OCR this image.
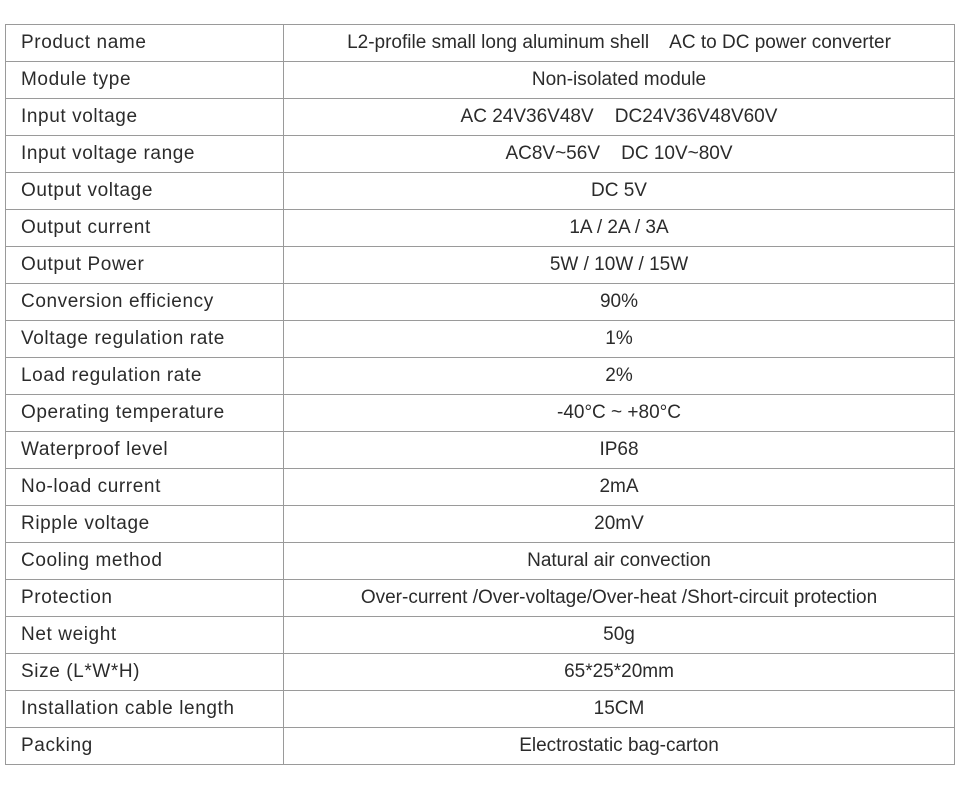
Product name	L2-profile small long aluminum shell    AC to DC power converter
Module type	Non-isolated module
Input voltage	AC 24V36V48V    DC24V36V48V60V
Input voltage range	AC8V~56V    DC 10V~80V
Output voltage	DC 5V
Output current	1A / 2A / 3A
Output Power	5W / 10W / 15W
Conversion efficiency	90%
Voltage regulation rate	1%
Load regulation rate	2%
Operating temperature	-40°C ~ +80°C
Waterproof level	IP68
No-load current	2mA
Ripple voltage	20mV
Cooling method	Natural air convection
Protection	Over-current /Over-voltage/Over-heat /Short-circuit protection
Net weight	50g
Size (L*W*H)	65*25*20mm
Installation cable length	15CM
Packing	Electrostatic bag-carton
